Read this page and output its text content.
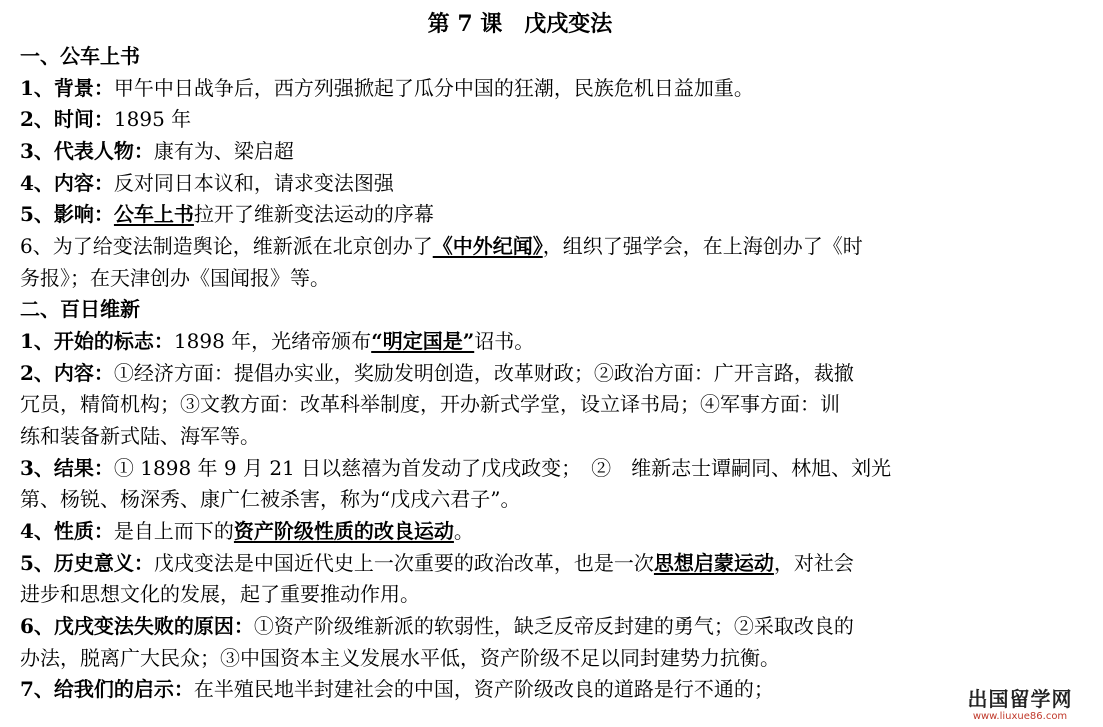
第 7 课　戊戌变法
一、公车上书
1、背景：甲午中日战争后，西方列强掀起了瓜分中国的狂潮，民族危机日益加重。
2、时间：1895 年
3、代表人物：康有为、梁启超
4、内容：反对同日本议和，请求变法图强
5、影响：公车上书拉开了维新变法运动的序幕
6、为了给变法制造舆论，维新派在北京创办了《中外纪闻》，组织了强学会，在上海创办了《时
务报》；在天津创办《国闻报》等。
二、百日维新
1、开始的标志：1898 年，光绪帝颁布“明定国是”诏书。
2、内容：①经济方面：提倡办实业，奖励发明创造，改革财政；②政治方面：广开言路，裁撤
冗员，精简机构；③文教方面：改革科举制度，开办新式学堂，设立译书局；④军事方面：训
练和装备新式陆、海军等。
3、结果：① 1898 年 9 月 21 日以慈禧为首发动了戊戌政变；　②　维新志士谭嗣同、林旭、刘光
第、杨锐、杨深秀、康广仁被杀害，称为“戊戌六君子”。
4、性质：是自上而下的资产阶级性质的改良运动。
5、历史意义：戊戌变法是中国近代史上一次重要的政治改革，也是一次思想启蒙运动，对社会
进步和思想文化的发展，起了重要推动作用。
6、戊戌变法失败的原因：①资产阶级维新派的软弱性，缺乏反帝反封建的勇气；②采取改良的
办法，脱离广大民众；③中国资本主义发展水平低，资产阶级不足以同封建势力抗衡。
7、给我们的启示：在半殖民地半封建社会的中国，资产阶级改良的道路是行不通的；	出国留学网
www.liuxue86.com
